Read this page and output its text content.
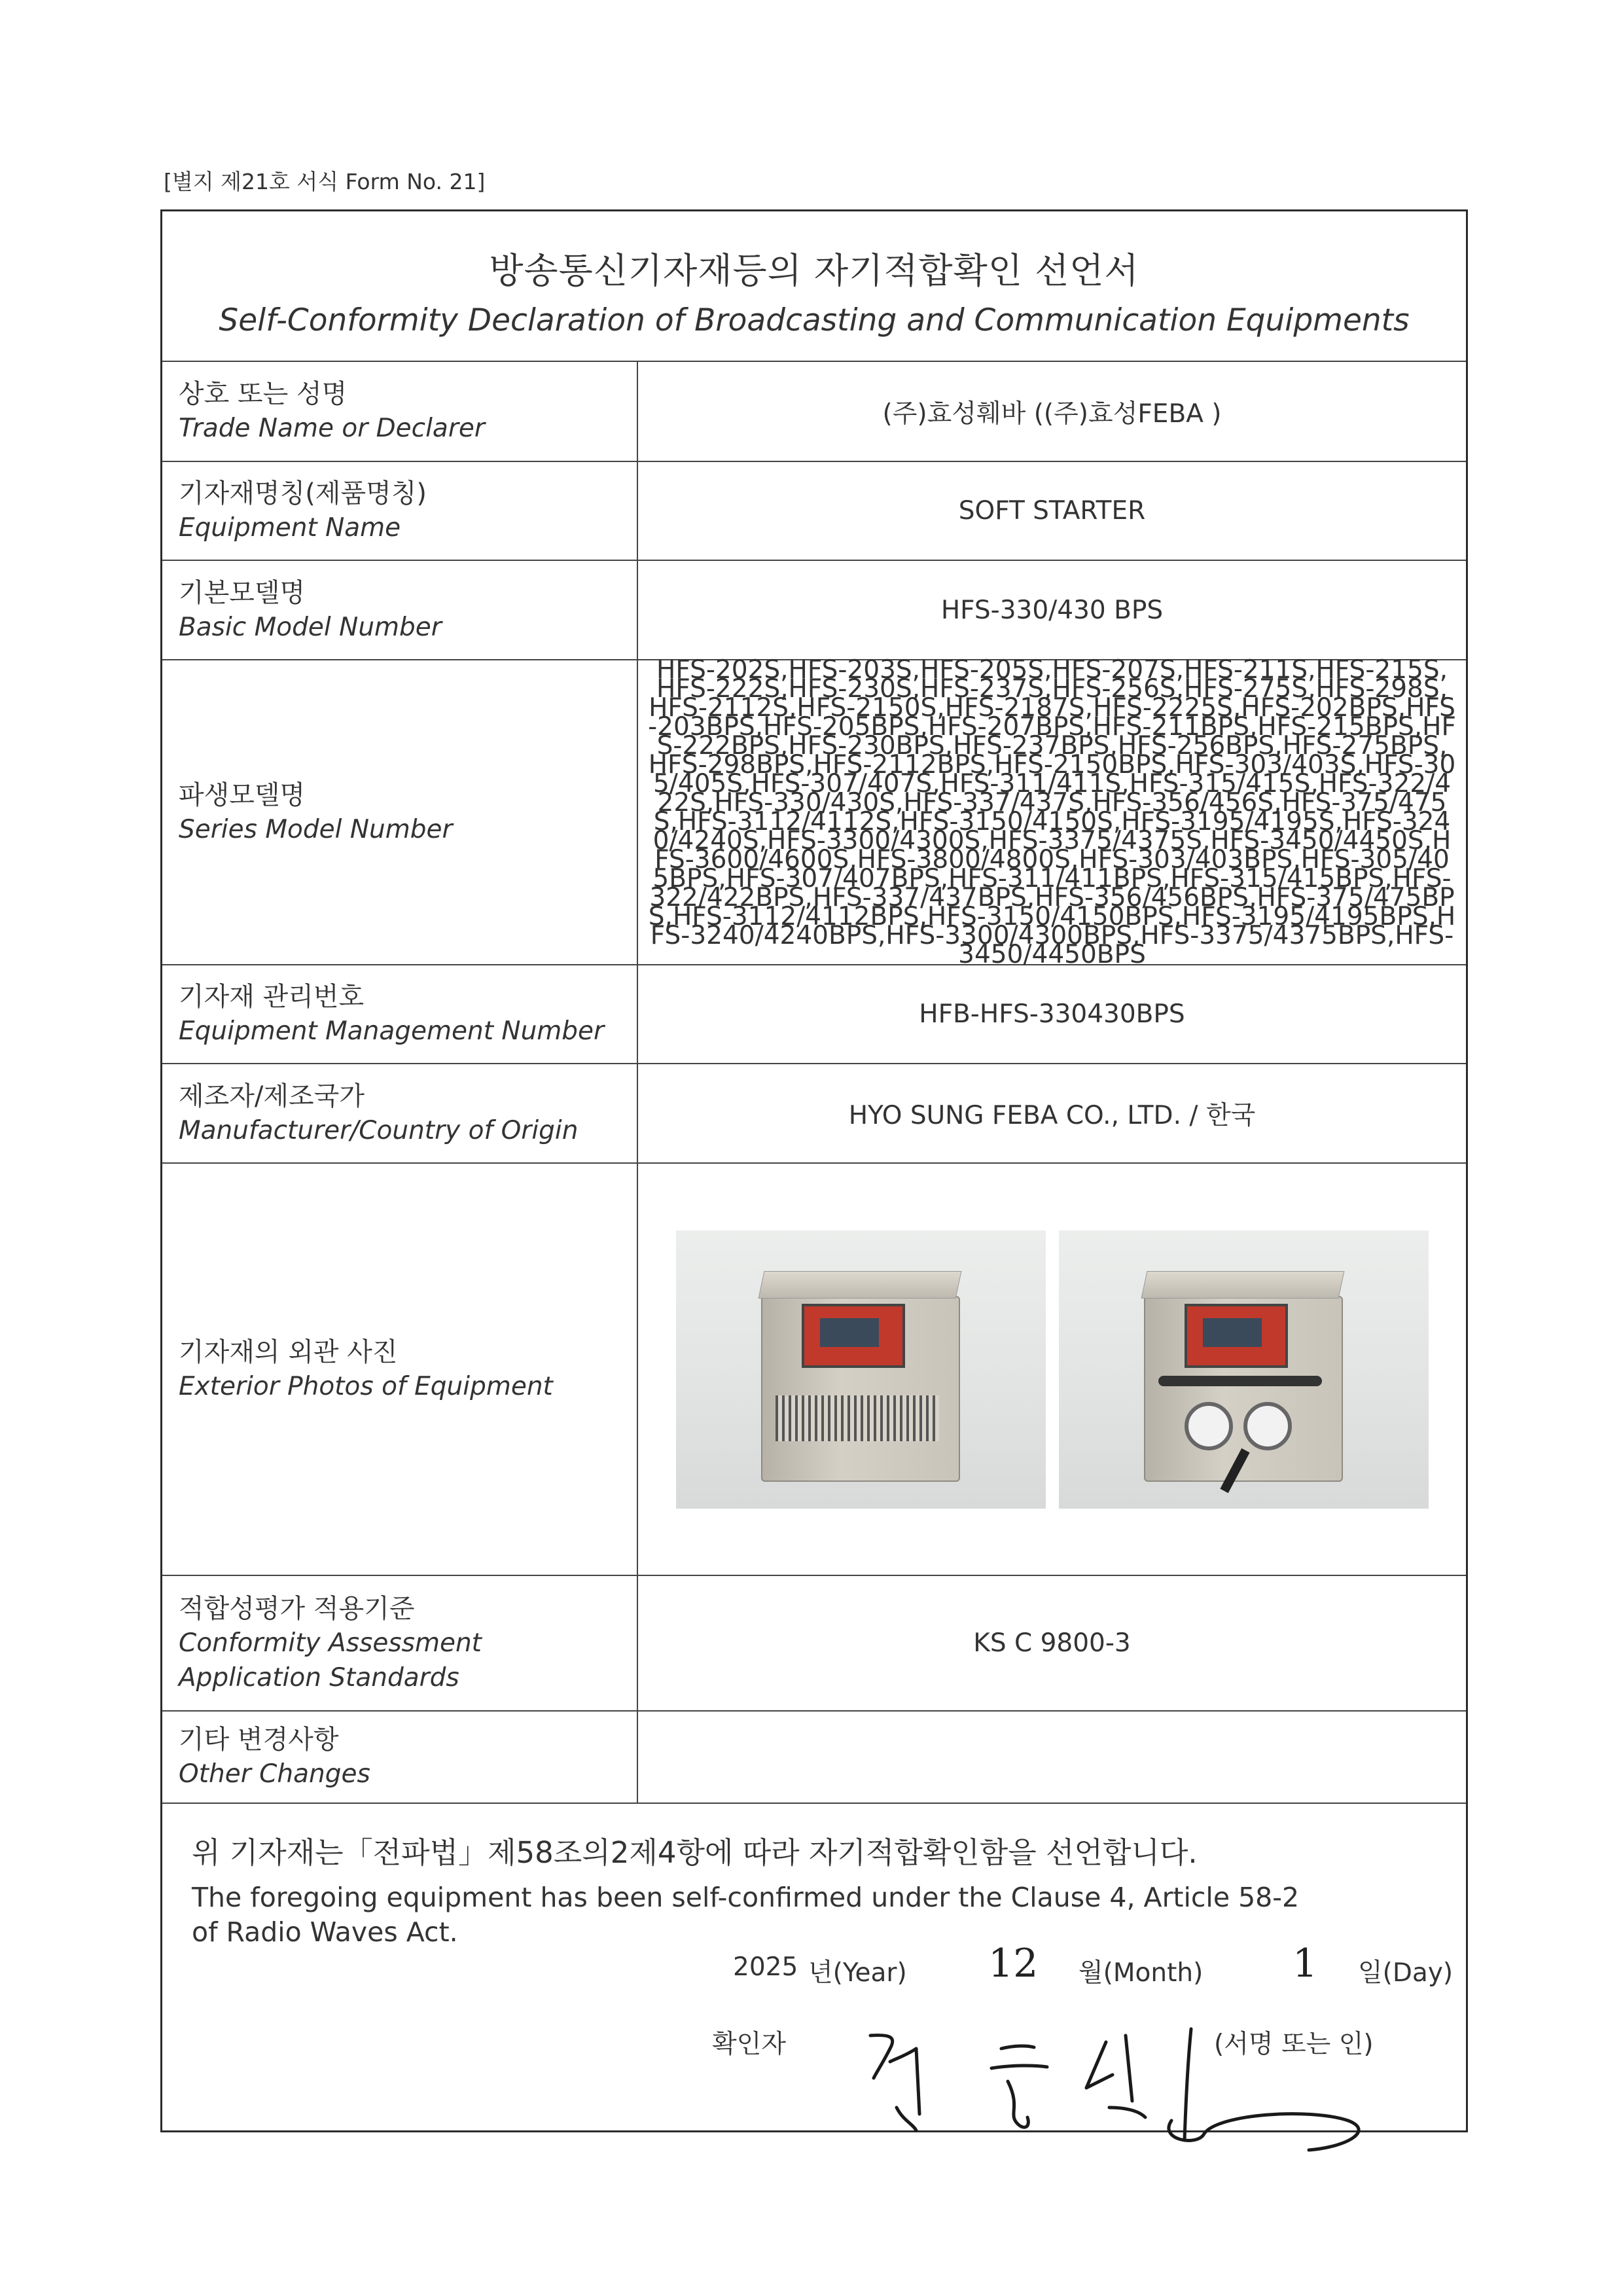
[별지 제21호 서식 Form No. 21]
방송통신기자재등의 자기적합확인 선언서
Self-Conformity Declaration of Broadcasting and Communication Equipments
상호 또는 성명
Trade Name or Declarer	(주)효성훼바 ((주)효성FEBA )

기자재명칭(제품명칭)
Equipment Name	SOFT STARTER

기본모델명
Basic Model Number	HFS-330/430 BPS

파생모델명
Series Model Number	HFS-202S,HFS-203S,HFS-205S,HFS-207S,HFS-211S,HFS-215S,HFS-222S,HFS-230S,HFS-237S,HFS-256S,HFS-275S,HFS-298S,HFS-2112S,HFS-2150S,HFS-2187S,HFS-2225S,HFS-202BPS,HFS-203BPS,HFS-205BPS,HFS-207BPS,HFS-211BPS,HFS-215BPS,HFS-222BPS,HFS-230BPS,HFS-237BPS,HFS-256BPS,HFS-275BPS,HFS-298BPS,HFS-2112BPS,HFS-2150BPS,HFS-303/403S,HFS-305/405S,HFS-307/407S,HFS-311/411S,HFS-315/415S,HFS-322/422S,HFS-330/430S,HFS-337/437S,HFS-356/456S,HFS-375/475S,HFS-3112/4112S,HFS-3150/4150S,HFS-3195/4195S,HFS-3240/4240S,HFS-3300/4300S,HFS-3375/4375S,HFS-3450/4450S,HFS-3600/4600S,HFS-3800/4800S,HFS-303/403BPS,HFS-305/405BPS,HFS-307/407BPS,HFS-311/411BPS,HFS-315/415BPS,HFS-322/422BPS,HFS-337/437BPS,HFS-356/456BPS,HFS-375/475BPS,HFS-3112/4112BPS,HFS-3150/4150BPS,HFS-3195/4195BPS,HFS-3240/4240BPS,HFS-3300/4300BPS,HFS-3375/4375BPS,HFS-3450/4450BPS

기자재 관리번호
Equipment Management Number	HFB-HFS-330430BPS

제조자/제조국가
Manufacturer/Country of Origin	HYO SUNG FEBA CO., LTD. / 한국

기자재의 외관 사진
Exterior Photos of Equipment	

적합성평가 적용기준
Conformity Assessment
Application Standards	KS C 9800-3

기타 변경사항
Other Changes	

위 기자재는「전파법」제58조의2제4항에 따라 자기적합확인함을 선언합니다.
The foregoing equipment has been self-confirmed under the Clause 4, Article 58-2
of Radio Waves Act.
2025 년(Year) 12 월(Month) 1 일(Day)
확인자	(서명 또는 인)
